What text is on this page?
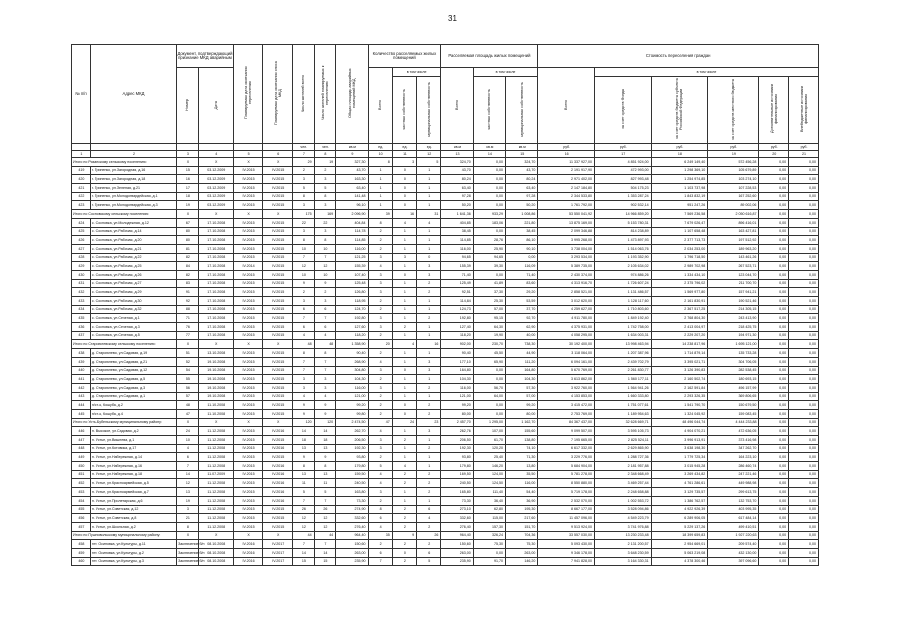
31
№ п/п	Адрес МКД	Документ, подтверждающий признание МКД аварийным		Планируемая дата окончания переселения	Планируемая дата окончания сноса МКД	Число жителей всего	Число жителей планируемых к переселению	Общая площадь аварийных помещений МКД	Количество расселяемых жилых помещений			Расселяемая площадь жилых помещений			Стоимость переселения граждан					
		Номер	Дата						Всего	в том числе		Всего	в том числе		Всего	в том числе				
										частная собственность	муниципальная собственность		частная собственность	муниципальная собственность		за счет средств Фонда	за счет средств бюджета субъекта Российской Федерации	за счет средств местного бюджета	Дополнительные источники финансирования	Внебюджетные источники финансирования
						чел.	чел.	кв.м	ед.	ед.	ед.	кв.м	кв.м	кв.м	руб.	руб.	руб.	руб.	руб.	руб.
1	2	3	4	5	6	7	8	9	10	11	12	13	14	15	16	17	18	19	20	21
Итого по Рязанскому сельскому поселению:		X	X	X	X	29	19	327,30	8	3	5	324,70	0,00	324,70	11 337 927,00	4 851 924,00	6 249 149,40	572 456,28	0,00	0,00
419	г. Гриненко, ул.Загородная, д.16	15	03.12.2009	IV.2015	IV.2015	2	2	43,70	1	0	1	43,70	0,00	43,70	2 191 917,90	472 993,00	1 298 369,10	105 679,89	0,00	0,00
420	г. Гриненко, ул.Загородная, д.18	16	03.12.2009	IV.2015	IV.2015	3	3	163,30	1	0	1	80,24	0,00	80,24	2 971 402,00	827 993,48	1 254 974,85	103 274,10	0,00	0,00
421	г. Гриненко, ул.Зеленая, д.21	17	03.12.2009	IV.2015	IV.2015	5	5	63,40	1	0	1	63,40	0,00	63,40	2 147 184,80	504 175,23	1 103 737,98	107 228,53	0,00	0,00
422	г. Гриненко, ул.Молодогвардейская, д.1	18	03.12.2009	IV.2015	IV.2015	8	8	141,48	1	0	1	97,28	0,00	97,28	2 344 533,80	1 353 287,24	1 843 832,19	167 252,60	0,00	0,00
423	г. Гриненко, ул.Молодогвардейская, д.3	19	03.12.2009	IV.2015	IV.2015	3	3	96,10	1	0	1	50,20	0,00	50,20	1 761 792,00	902 532,14	951 247,26	89 002,06	0,00	0,00
Итого по Сосновскому сельскому поселению:		X	X	X	X	175	169	2 096,90	39	16	31	1 641,36	933,29	1 008,86	53 550 041,92	14 966 859,20	7 569 236,58	2 050 616,87	0,00	0,00
424	с. Сосновка, ул.Молодежная, д.12	67	17.10.2008	IV.2015	IV.2015	22	22	404,84	8	4	4	404,85	183,06	221,80	13 875 169,00	5 153 780,31	7 679 026,47	896 416,01	0,00	0,00
425	с. Сосновка, ул.Рабочая, д.14	80	17.10.2008	IV.2015	IV.2015	3	3	114,78	2	1	1	38,45	0,00	38,45	2 099 346,88	814 238,89	1 107 658,48	163 427,81	0,00	0,00
426	с. Сосновка, ул.Рабочая, д.20	80	17.10.2008	IV.2015	IV.2015	8	8	114,85	2	1	1	114,85	28,76	86,10	3 995 268,00	1 473 897,93	2 377 713,73	197 512,92	0,00	0,00
427	с. Сосновка, ул.Рабочая, д.21	81	17.10.2008	IV.2015	IV.2015	10	10	116,00	2	1	1	116,00	25,90	90,10	3 738 004,00	1 514 063,76	2 034 253,00	189 963,20	0,00	0,00
428	с. Сосновка, ул.Рабочая, д.22	82	17.10.2008	IV.2015	IV.2015	7	7	121,25	3	3	0	94,65	94,65	0,00	3 293 534,00	1 193 352,90	1 796 718,50	143 461,26	0,00	0,00
429	с. Сосновка, ул.Рабочая, д.25	84	17.10.2008	IV.2014	IV.2015	12	12	155,39	4	1	3	155,39	39,30	116,09	5 389 735,00	2 105 634,02	2 989 702,98	267 523,71	0,00	0,00
430	с. Сосновка, ул.Рабочая, д.26	82	17.10.2008	IV.2015	IV.2015	10	10	107,40	3	0	3	71,40	0,00	71,40	2 430 374,00	974 886,26	1 334 434,10	123 044,70	0,00	0,00
431	с. Сосновка, ул.Рабочая, д.27	83	17.10.2008	IV.2015	IV.2015	9	9	125,48	3	1	2	125,49	41,89	83,60	4 313 916,70	1 726 607,24	2 375 796,02	211 700,70	0,00	0,00
432	с. Сосновка, ул.Рабочая, д.29	91	17.10.2008	IV.2015	IV.2015	2	2	126,80	3	1	2	92,51	37,30	29,20	2 858 521,00	1 131 486,57	1 569 977,80	157 941,21	0,00	0,00
433	с. Сосновка, ул.Рабочая, д.30	92	17.10.2008	IV.2015	IV.2015	3	3	118,95	2	1	1	114,84	25,30	53,59	3 012 620,00	1 128 117,60	2 161 830,91	190 521,46	0,00	0,00
434	с. Сосновка, ул.Рабочая, д.32	88	17.10.2008	IV.2015	IV.2015	6	6	124,70	2	1	1	124,73	57,00	37,70	4 259 627,00	1 710 803,60	2 367 517,25	214 305,15	0,00	0,00
435	с. Сосновка, ул.Сеченая, д.1	71	17.10.2008	IV.2015	IV.2015	7	7	192,80	3	1	2	192,80	95,15	92,70	4 911 780,00	1 849 192,40	2 768 804,30	243 413,90	0,00	0,00
436	с. Сосновка, ул.Сеченая, д.3	76	17.10.2008	IV.2015	IV.2015	6	6	127,60	3	2	1	127,40	64,30	62,90	4 375 931,00	1 742 758,00	2 413 004,97	218 425,75	0,00	0,00
437	с. Сосновка, ул.Сеченая, д.5	77	17.10.2008	IV.2015	IV.2015	4	4	118,20	2	1	1	118,20	19,90	40,00	4 058 295,00	1 634 003,31	2 229 207,20	194 971,30	0,00	0,00
Итого по Староюлевскому сельскому поселению:		X	X	X	X	48	48	1 358,90	20	4	16	902,00	230,70	738,30	30 192 400,00	13 998 463,94	14 238 817,96	1 695 121,00	0,00	0,00
438	д. Староюлево, ул.Садовая, д.19	51	13.10.2008	IV.2015	IV.2015	8	8	90,40	2	1	1	90,40	45,50	44,90	3 118 064,00	1 207 387,96	1 714 879,14	135 733,28	0,00	0,00
439	д. Староюлево, ул.Садовая, д.21	52	19.10.2008	IV.2015	IV.2015	7	7	268,90	4	1	3	177,10	65,90	111,20	6 094 161,00	2 439 702,79	3 395 021,71	304 706,05	0,00	0,00
440	д. Староюлево, ул.Садовая, д.12	54	19.10.2008	IV.2015	IV.2015	7	7	304,80	3	0	3	164,80	0,00	164,80	5 670 769,00	2 261 830,77	3 126 390,83	282 538,45	0,00	0,00
441	д. Староюлево, ул.Садовая, д.5	55	19.10.2008	IV.2015	IV.2015	3	3	104,30	2	1	1	104,30	0,00	104,30	3 613 862,00	1 560 177,11	2 160 502,74	180 693,15	0,00	0,00
442	д. Староюлево, ул.Садовая, д.3	56	19.10.2008	IV.2015	IV.2015	3	3	116,00	3	1	2	116,00	56,70	57,30	3 922 760,00	1 564 941,26	2 162 591,84	496 157,99	0,00	0,00
443	д. Староюлево, ул.Садовая, д.1	57	19.10.2008	IV.2015	IV.2015	4	4	121,00	2	1	1	121,00	64,00	57,00	4 153 853,00	1 660 333,80	2 293 326,35	369 806,65	0,00	0,00
444	п/ст-к, Кошуба, д.2	48	11.10.2008	IV.2015	IV.2015	9	9	99,20	2	0	2	99,20	0,00	99,20	3 415 472,00	1 751 077,61	1 541 790,70	150 679,50	0,00	0,00
445	п/ст-к, Кошуба, д.4	47	11.10.2008	IV.2015	IV.2015	9	9	99,80	2	0	2	80,00	0,00	80,00	2 753 769,00	1 189 954,63	1 324 045,92	159 083,45	0,00	0,00
Итого по Усть-Бубельскому муниципальному району:		X	X	X	X	120	120	2 474,50	47	24	23	2 457,70	1 295,00	1 162,70	84 367 437,00	32 628 669,71	48 496 044,74	4 444 233,88	0,00	0,00
446	п. Высокое, ул.Садовая, д.2	24	11.12.2008	IV.2015	IV.2016	14	14	262,70	4	1	3	262,76	107,00	155,60	9 099 507,00	3 595 105,73	4 904 070,21	472 636,05	0,00	0,00
447	п. Устье, ул.Вишнева, д.1	10	11.12.2008	IV.2015	IV.2015	18	18	206,50	3	2	1	206,50	61,70	138,80	7 195 665,00	2 825 524,11	3 996 913,91	373 416,98	0,00	0,00
448	п. Устье, ул.Котовика, д.17	4	11.12.2008	IV.2015	IV.2016	13	13	192,30	3	1	2	192,30	120,20	74,10	6 617 332,00	2 629 865,90	3 638 198,30	347 262,70	0,00	0,00
449	п. Устье, ул.Набережная, д.14	6	11.12.2008	IV.2015	IV.2015	9	9	93,80	2	1	1	93,80	25,40	71,30	3 229 776,00	1 288 727,36	1 779 725,34	164 223,10	0,00	0,00
450	п. Устье, ул.Набережная, д.16	7	11.12.2008	IV.2015	IV.2016	8	8	179,80	5	4	1	179,80	146,20	13,80	5 684 904,00	2 181 957,88	3 015 945,28	286 460,74	0,00	0,00
451	п. Устье, ул.Набережная, д.18	14	11.07.2009	IV.2015	IV.2016	13	13	159,50	4	2	2	169,50	124,00	35,50	5 781 278,00	2 348 668,49	3 269 434,82	247 221,46	0,00	0,00
452	п. Устье, ул.Красноармейская, д.5	12	11.12.2008	IV.2015	IV.2016	11	11	240,50	4	2	2	240,50	124,50	116,00	8 550 880,00	3 469 257,44	4 761 286,61	449 988,98	0,00	0,00
453	п. Устье, ул.Красноармейская, д.7	13	11.12.2008	IV.2015	IV.2016	5	5	163,80	3	1	2	165,80	111,40	54,40	5 719 178,00	2 248 658,88	3 129 735,57	299 613,75	0,00	0,00
454	п. Устье, ул.Пролетарская, д.6	19	11.12.2008	IV.2015	IV.2016	7	7	73,30	2	1	1	73,30	36,40	36,90	2 532 070,00	1 002 553,72	1 386 762,57	132 753,70	0,00	0,00
455	п. Устье, ул.Советская, д.12	3	11.12.2008	IV.2015	IV.2015	26	26	274,90	8	2	6	273,10	62,80	195,30	8 667 177,00	3 528 094,86	4 922 926,39	403 995,35	0,00	0,00
456	п. Устье, ул.Советская, д.8	21	11.12.2008	IV.2015	IV.2015	12	12	332,60	6	2	4	332,60	115,00	217,60	11 457 096,00	4 549 223,79	6 289 906,05	617 484,14	0,00	0,00
457	п. Устье, ул.Школьная, д.2	8	11.12.2008	IV.2015	IV.2015	12	12	276,40	4	2	2	276,40	157,30	151,70	9 513 924,00	3 741 976,88	5 229 137,26	499 410,51	0,00	0,00
Итого по Пушновольскому муниципальному району:		X	X	X	X	44	44	964,40	35	9	26	964,40	326,24	704,36	33 557 030,00	13 230 233,48	18 399 659,83	1 927 220,63	0,00	0,00
458	пгт. Осиновка, ул.Культуры, д.11	Заключение б/н	08.10.2008	IV.2016	IV.2017	7	7	150,60	2	2	2	150,60	75,30	75,30	5 093 430,00	2 131 200,57	2 954 669,01	209 574,40	0,00	0,00
459	пгт. Осиновка, ул.Культуры, д.2	Заключение б/н	08.10.2008	IV.2016	IV.2017	14	14	263,00	6	0	6	263,00	0,00	263,00	9 346 178,00	3 648 230,59	5 063 219,08	432 130,00	0,00	0,00
460	пгт. Осиновка, ул.Культуры, д.3	Заключение б/н	08.10.2008	IV.2016	IV.2017	15	15	235,90	7	2	5	235,90	91,70	146,20	7 941 828,00	3 164 330,31	4 378 300,46	397 096,60	0,00	0,00
